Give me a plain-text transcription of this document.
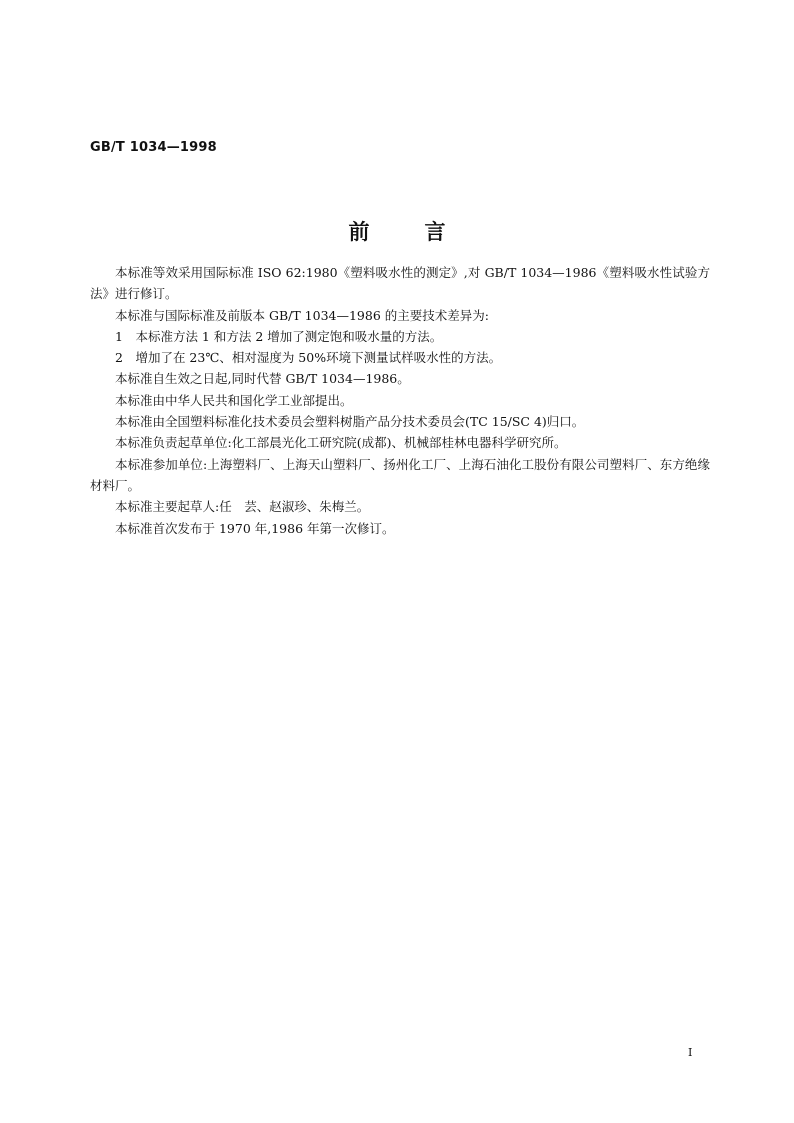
GB/T 1034—1998
前	言

本标准等效采用国际标准 ISO 62:1980《塑料吸水性的测定》,对 GB/T 1034—1986《塑料吸水性试验方法》进行修订。

本标准与国际标准及前版本 GB/T 1034—1986 的主要技术差异为:

1　本标准方法 1 和方法 2 增加了测定饱和吸水量的方法。

2　增加了在 23℃、相对湿度为 50%环境下测量试样吸水性的方法。

本标准自生效之日起,同时代替 GB/T 1034—1986。

本标准由中华人民共和国化学工业部提出。

本标准由全国塑料标准化技术委员会塑料树脂产品分技术委员会(TC 15/SC 4)归口。

本标准负责起草单位:化工部晨光化工研究院(成都)、机械部桂林电器科学研究所。

本标准参加单位:上海塑料厂、上海天山塑料厂、扬州化工厂、上海石油化工股份有限公司塑料厂、东方绝缘材料厂。

本标准主要起草人:任　芸、赵淑珍、朱梅兰。

本标准首次发布于 1970 年,1986 年第一次修订。

I
